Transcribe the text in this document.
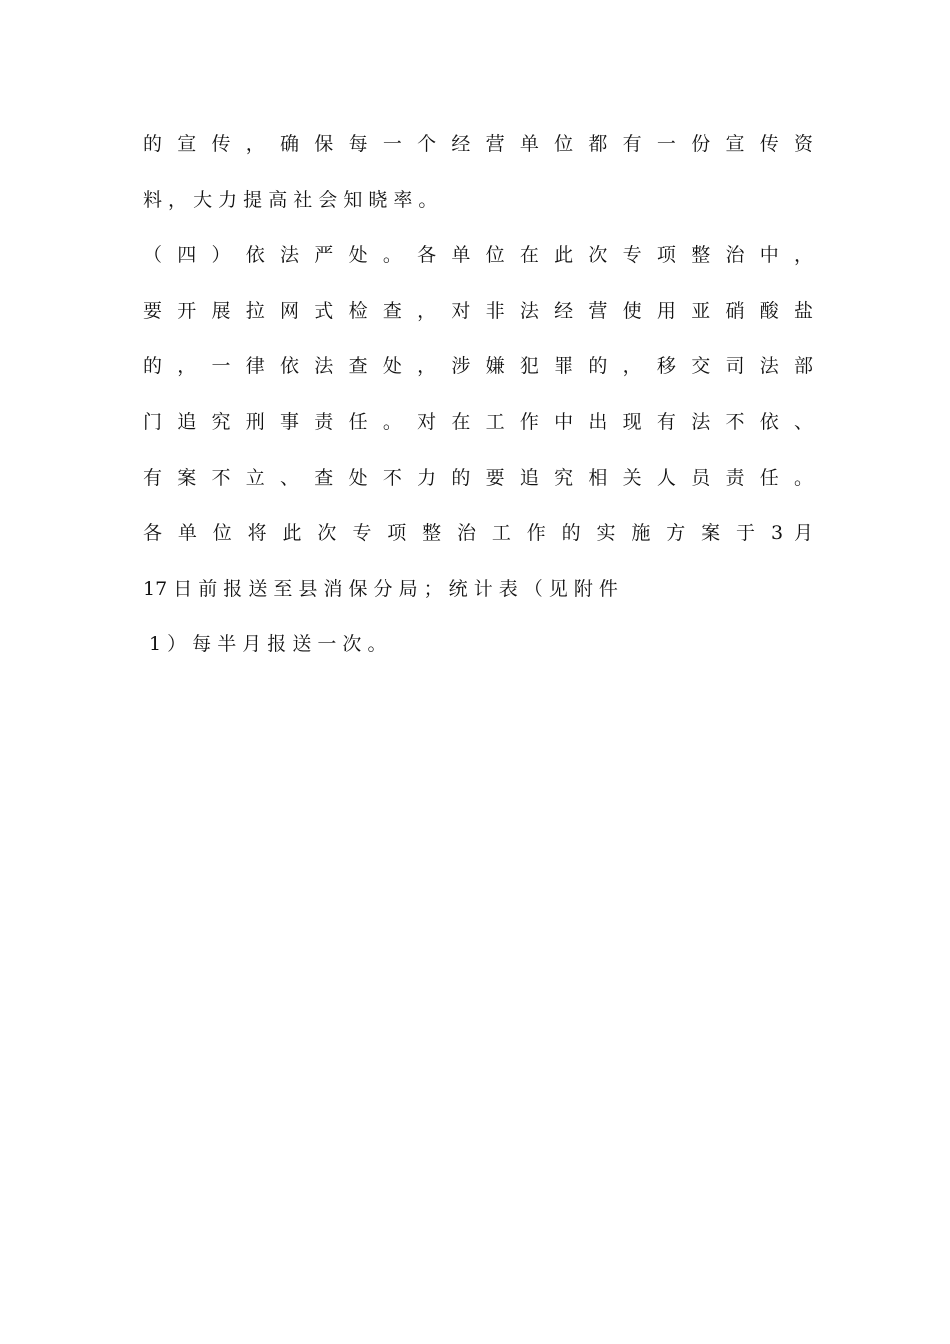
的 宣 传 ， 确 保 每 一 个 经 营 单 位 都 有 一 份 宣 传 资
料 ， 大 力 提 高 社 会 知 晓 率 。
（ 四 ） 依 法 严 处 。 各 单 位 在 此 次 专 项 整 治 中 ，
要 开 展 拉 网 式 检 查 ， 对 非 法 经 营 使 用 亚 硝 酸 盐
的 ， 一 律 依 法 查 处 ， 涉 嫌 犯 罪 的 ， 移 交 司 法 部
门 追 究 刑 事 责 任 。 对 在 工 作 中 出 现 有 法 不 依 、
有 案 不 立 、 查 处 不 力 的 要 追 究 相 关 人 员 责 任 。
各 单 位 将 此 次 专 项 整 治 工 作 的 实 施 方 案 于 3 月
17 日 前 报 送 至 县 消 保 分 局 ； 统 计 表 （ 见 附 件
1 ） 每 半 月 报 送 一 次 。
